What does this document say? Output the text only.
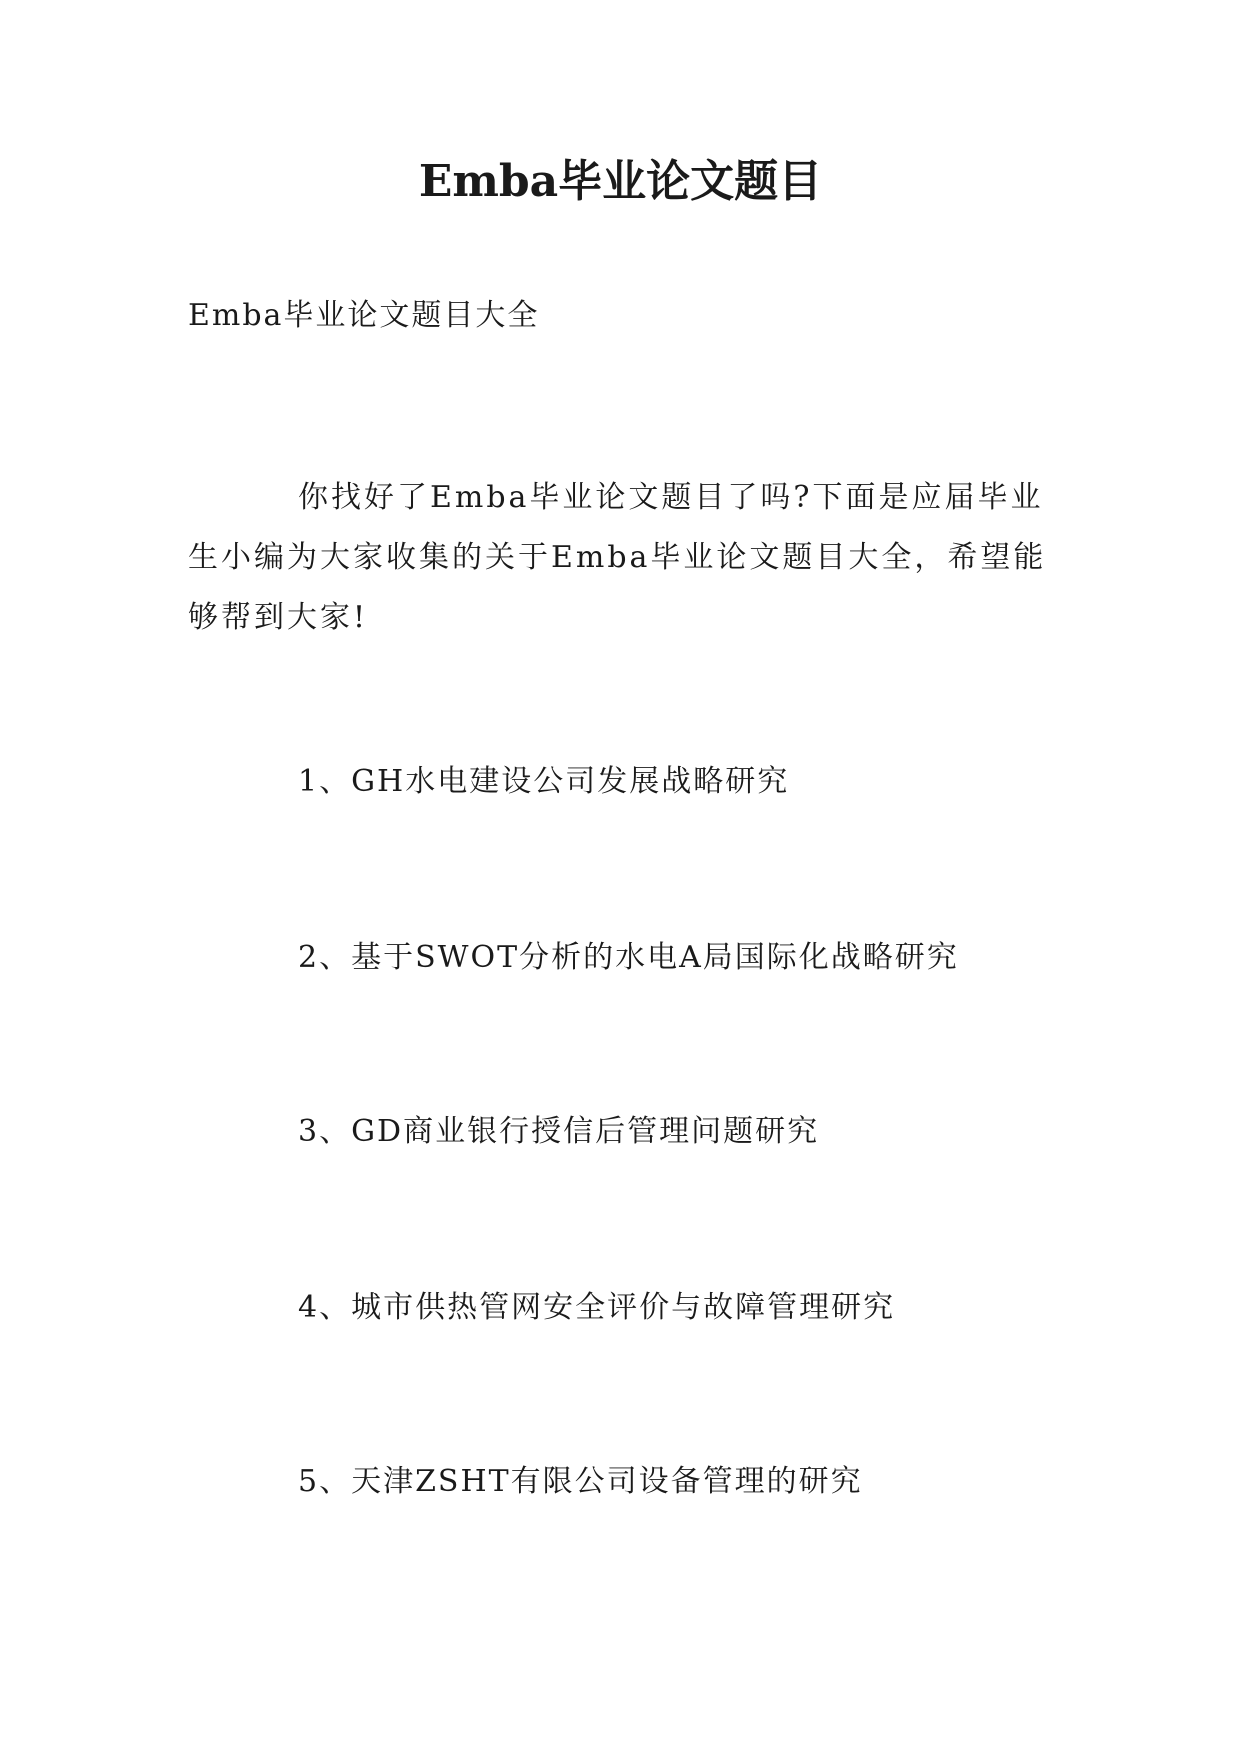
Emba毕业论文题目

Emba毕业论文题目大全

你找好了Emba毕业论文题目了吗?下面是应届毕业生小编为大家收集的关于Emba毕业论文题目大全，希望能够帮到大家!

1、GH水电建设公司发展战略研究

2、基于SWOT分析的水电A局国际化战略研究

3、GD商业银行授信后管理问题研究

4、城市供热管网安全评价与故障管理研究

5、天津ZSHT有限公司设备管理的研究
